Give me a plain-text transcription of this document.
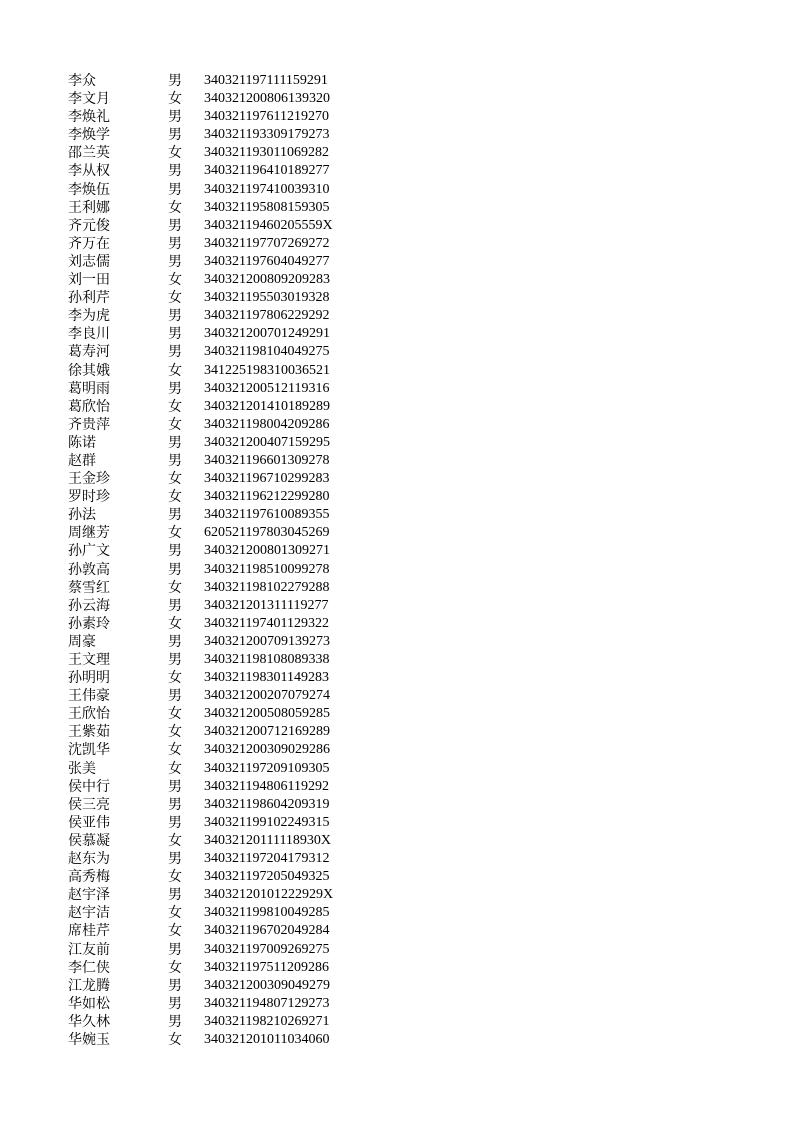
李众	男	340321197111159291
李文月	女	340321200806139320
李焕礼	男	340321197611219270
李焕学	男	340321193309179273
邵兰英	女	340321193011069282
李从权	男	340321196410189277
李焕伍	男	340321197410039310
王利娜	女	340321195808159305
齐元俊	男	34032119460205559X
齐万在	男	340321197707269272
刘志儒	男	340321197604049277
刘一田	女	340321200809209283
孙利芹	女	340321195503019328
李为虎	男	340321197806229292
李良川	男	340321200701249291
葛寿河	男	340321198104049275
徐其娥	女	341225198310036521
葛明雨	男	340321200512119316
葛欣怡	女	340321201410189289
齐贵萍	女	340321198004209286
陈诺	男	340321200407159295
赵群	男	340321196601309278
王金珍	女	340321196710299283
罗时珍	女	340321196212299280
孙法	男	340321197610089355
周继芳	女	620521197803045269
孙广文	男	340321200801309271
孙敦高	男	340321198510099278
蔡雪红	女	340321198102279288
孙云海	男	340321201311119277
孙素玲	女	340321197401129322
周豪	男	340321200709139273
王文理	男	340321198108089338
孙明明	女	340321198301149283
王伟豪	男	340321200207079274
王欣怡	女	340321200508059285
王紫茹	女	340321200712169289
沈凯华	女	340321200309029286
张美	女	340321197209109305
侯中行	男	340321194806119292
侯三亮	男	340321198604209319
侯亚伟	男	340321199102249315
侯慕凝	女	34032120111118930X
赵东为	男	340321197204179312
高秀梅	女	340321197205049325
赵宇泽	男	34032120101222929X
赵宇洁	女	340321199810049285
席桂芹	女	340321196702049284
江友前	男	340321197009269275
李仁侠	女	340321197511209286
江龙腾	男	340321200309049279
华如松	男	340321194807129273
华久林	男	340321198210269271
华婉玉	女	340321201011034060
